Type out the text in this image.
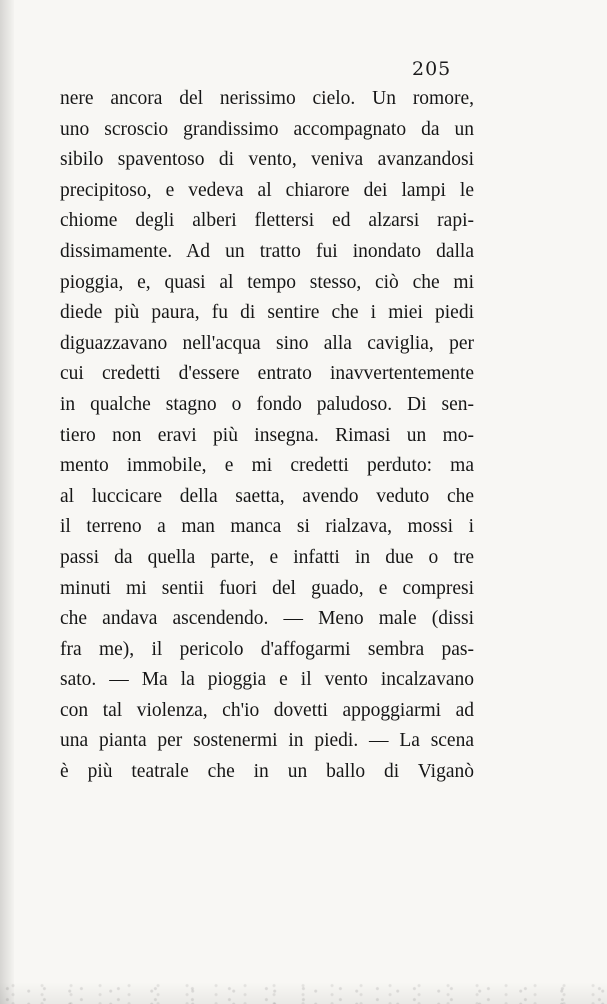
205
nere ancora del nerissimo cielo. Un romore,
uno scroscio grandissimo accompagnato da un
sibilo spaventoso di vento, veniva avanzandosi
precipitoso, e vedeva al chiarore dei lampi le
chiome degli alberi flettersi ed alzarsi rapi-
dissimamente. Ad un tratto fui inondato dalla
pioggia, e, quasi al tempo stesso, ciò che mi
diede più paura, fu di sentire che i miei piedi
diguazzavano nell'acqua sino alla caviglia, per
cui credetti d'essere entrato inavvertentemente
in qualche stagno o fondo paludoso. Di sen-
tiero non eravi più insegna. Rimasi un mo-
mento immobile, e mi credetti perduto: ma
al luccicare della saetta, avendo veduto che
il terreno a man manca si rialzava, mossi i
passi da quella parte, e infatti in due o tre
minuti mi sentii fuori del guado, e compresi
che andava ascendendo. — Meno male (dissi
fra me), il pericolo d'affogarmi sembra pas-
sato. — Ma la pioggia e il vento incalzavano
con tal violenza, ch'io dovetti appoggiarmi ad
una pianta per sostenermi in piedi. — La scena
è più teatrale che in un ballo di Viganò
